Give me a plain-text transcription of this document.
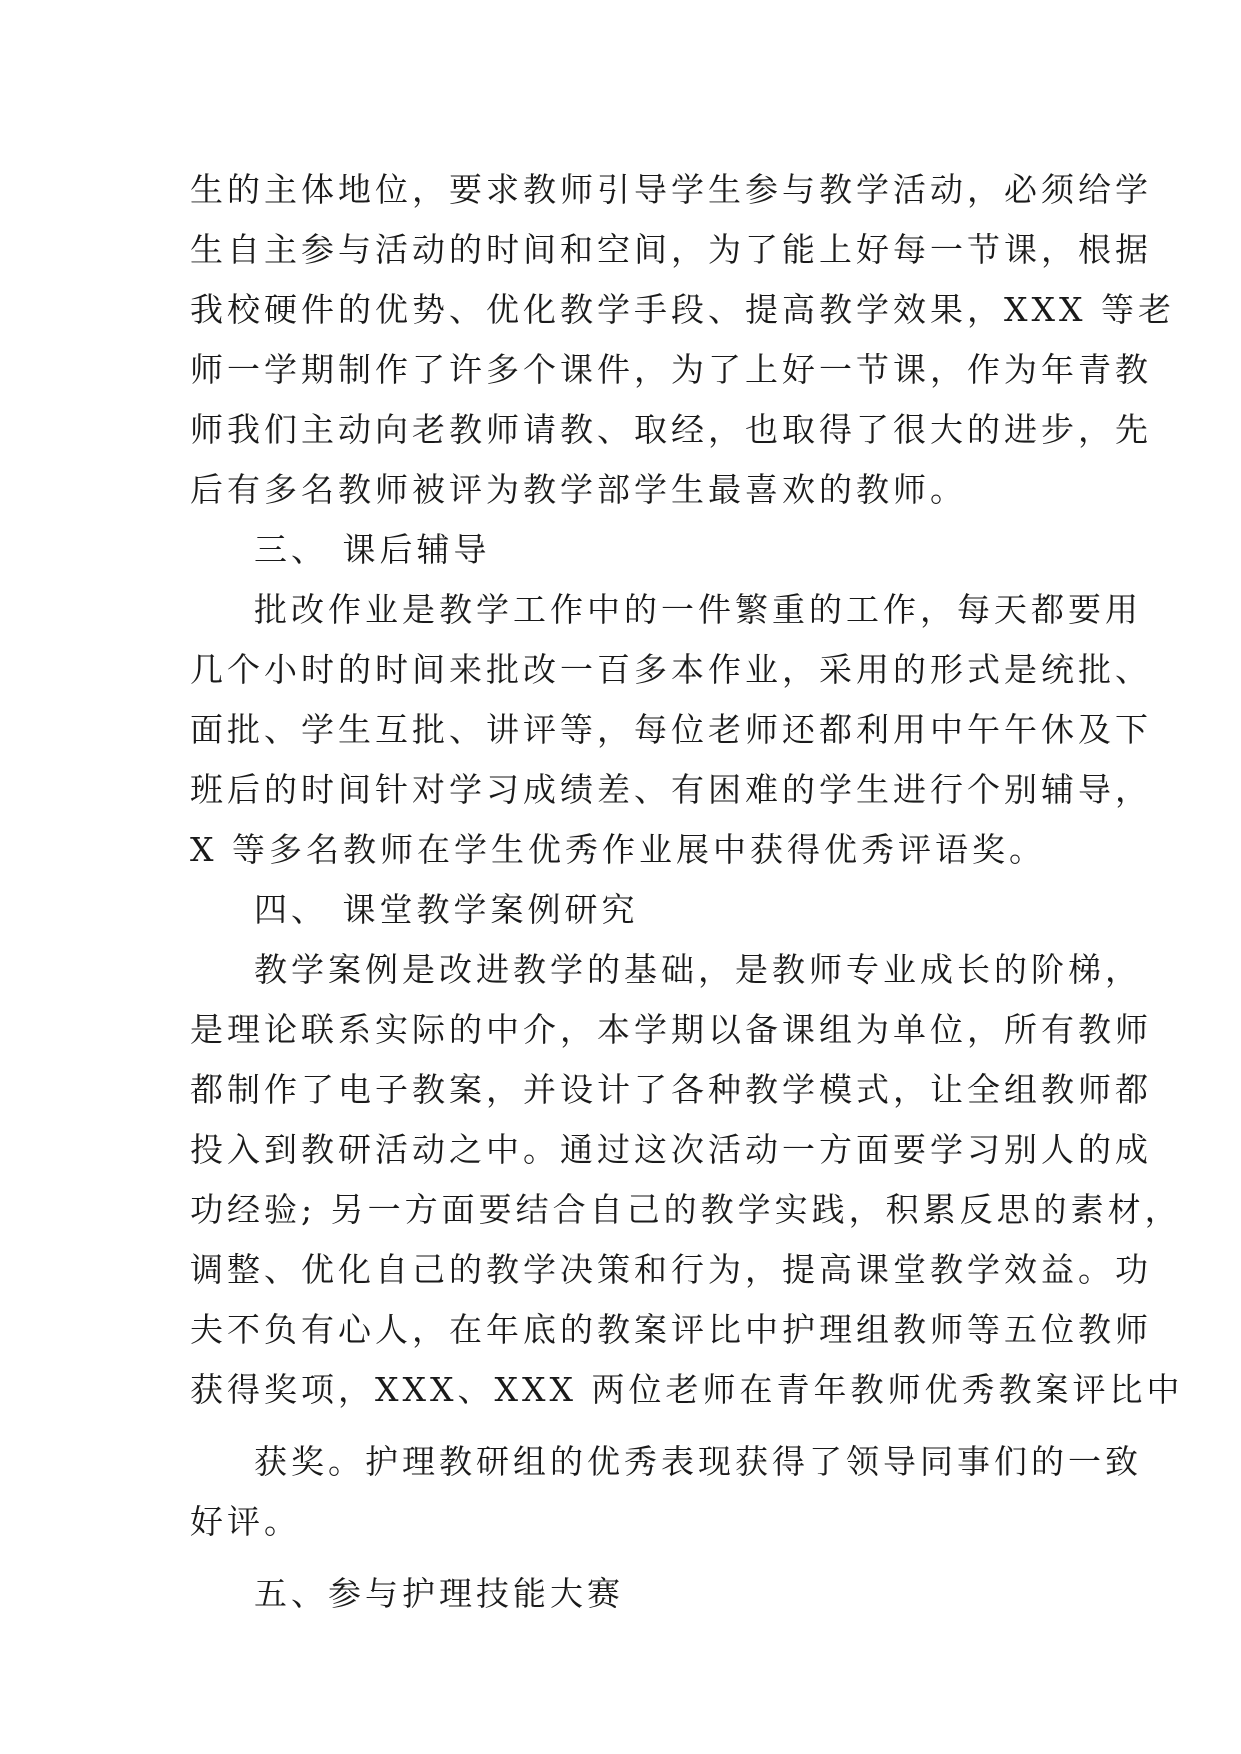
生的主体地位，要求教师引导学生参与教学活动，必须给学
生自主参与活动的时间和空间，为了能上好每一节课，根据
我校硬件的优势、优化教学手段、提高教学效果，XXX 等老
师一学期制作了许多个课件，为了上好一节课，作为年青教
师我们主动向老教师请教、取经，也取得了很大的进步，先
后有多名教师被评为教学部学生最喜欢的教师。
三、 课后辅导
批改作业是教学工作中的一件繁重的工作，每天都要用
几个小时的时间来批改一百多本作业，采用的形式是统批、
面批、学生互批、讲评等，每位老师还都利用中午午休及下
班后的时间针对学习成绩差、有困难的学生进行个别辅导，
X 等多名教师在学生优秀作业展中获得优秀评语奖。
四、 课堂教学案例研究
教学案例是改进教学的基础，是教师专业成长的阶梯，
是理论联系实际的中介，本学期以备课组为单位，所有教师
都制作了电子教案，并设计了各种教学模式，让全组教师都
投入到教研活动之中。通过这次活动一方面要学习别人的成
功经验; 另一方面要结合自己的教学实践，积累反思的素材，
调整、优化自己的教学决策和行为，提高课堂教学效益。功
夫不负有心人，在年底的教案评比中护理组教师等五位教师
获得奖项，XXX、XXX 两位老师在青年教师优秀教案评比中
获奖。护理教研组的优秀表现获得了领导同事们的一致
好评。
五、参与护理技能大赛
